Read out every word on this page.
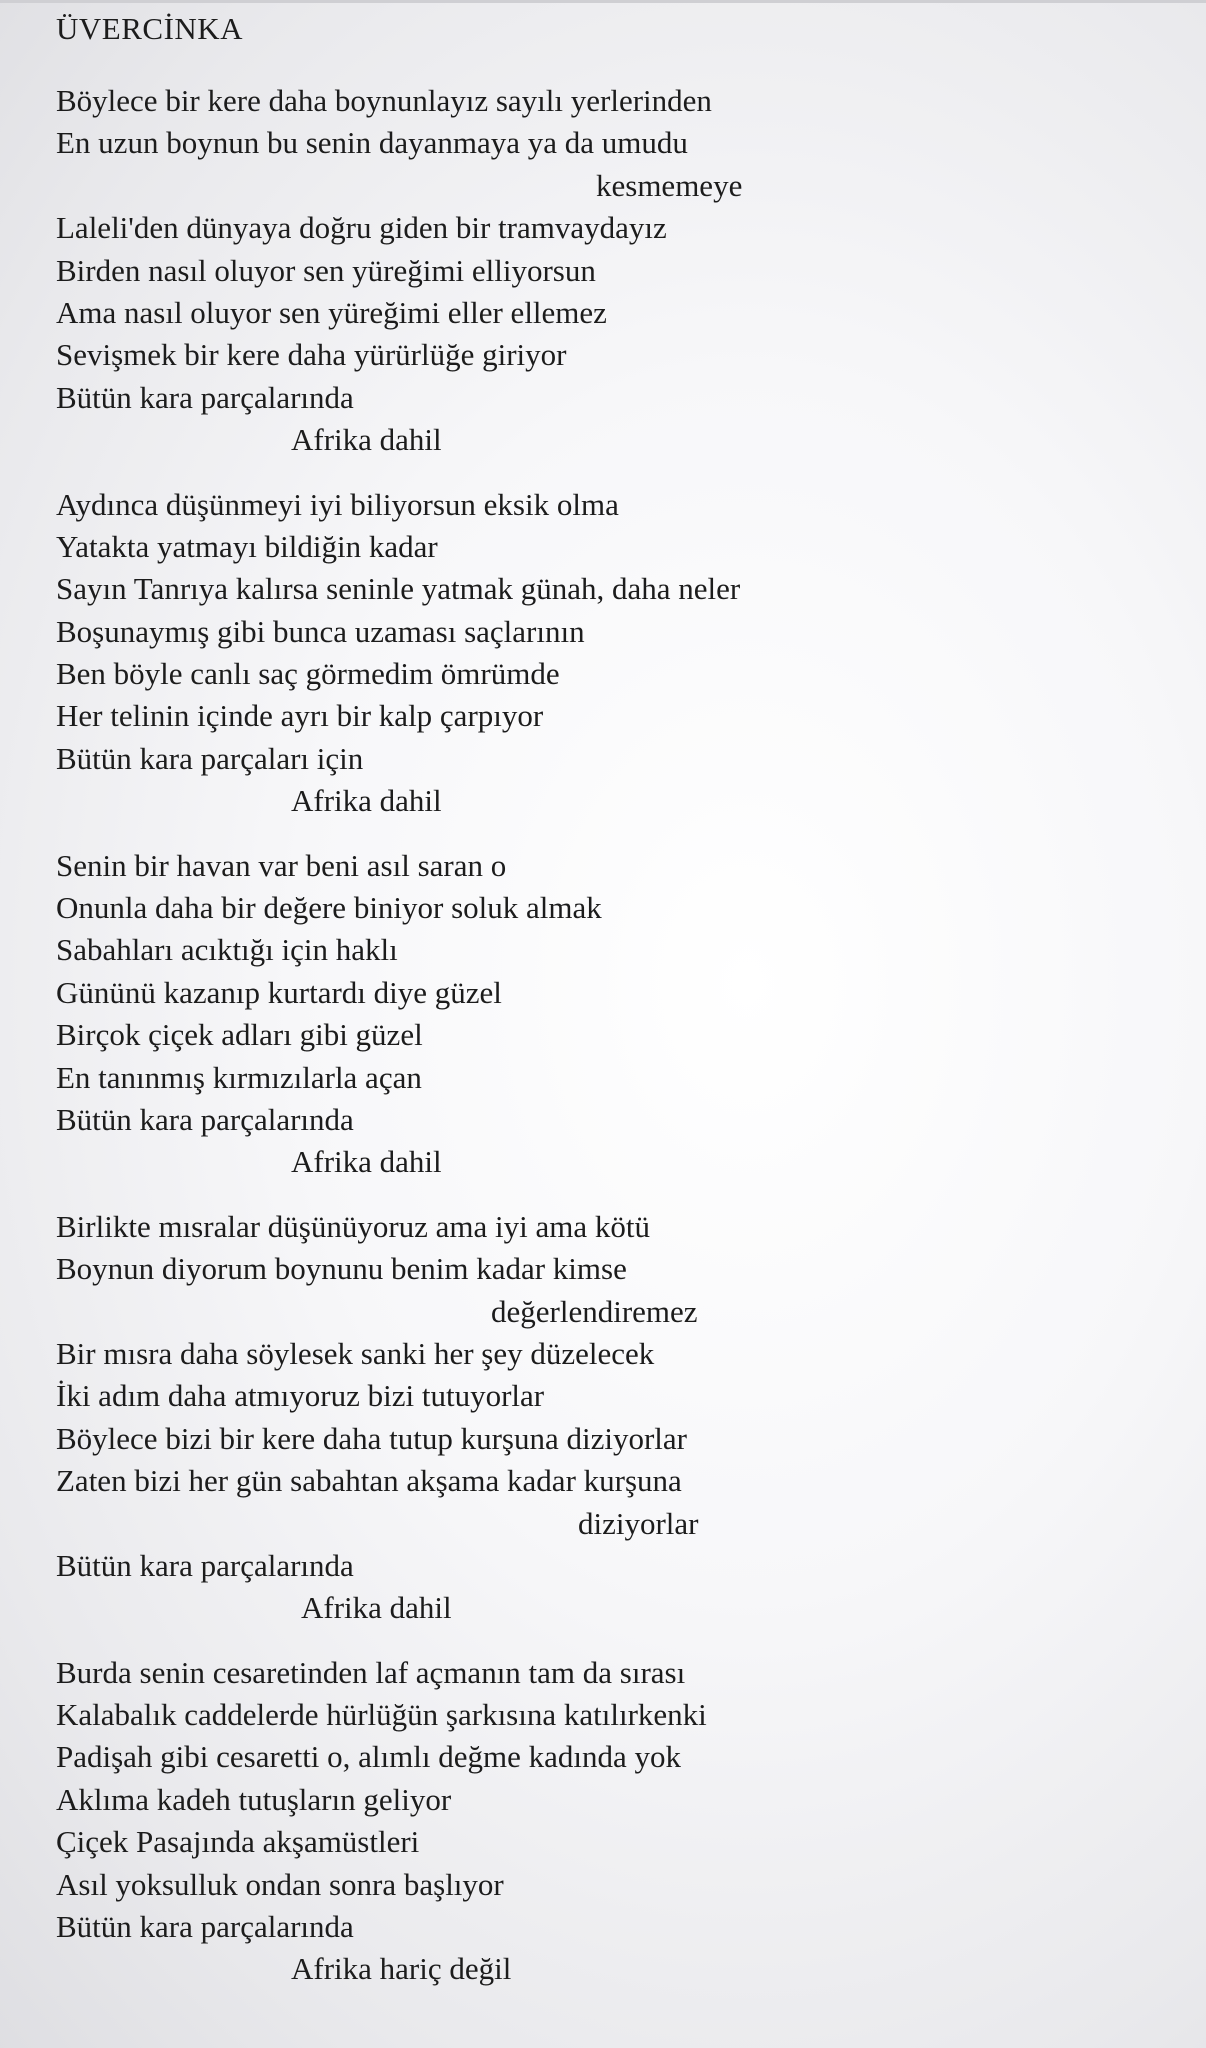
ÜVERCİNKA
Böylece bir kere daha boynunlayız sayılı yerlerinden
En uzun boynun bu senin dayanmaya ya da umudu
kesmemeye
Laleli'den dünyaya doğru giden bir tramvaydayız
Birden nasıl oluyor sen yüreğimi elliyorsun
Ama nasıl oluyor sen yüreğimi eller ellemez
Sevişmek bir kere daha yürürlüğe giriyor
Bütün kara parçalarında
Afrika dahil
Aydınca düşünmeyi iyi biliyorsun eksik olma
Yatakta yatmayı bildiğin kadar
Sayın Tanrıya kalırsa seninle yatmak günah, daha neler
Boşunaymış gibi bunca uzaması saçlarının
Ben böyle canlı saç görmedim ömrümde
Her telinin içinde ayrı bir kalp çarpıyor
Bütün kara parçaları için
Afrika dahil
Senin bir havan var beni asıl saran o
Onunla daha bir değere biniyor soluk almak
Sabahları acıktığı için haklı
Gününü kazanıp kurtardı diye güzel
Birçok çiçek adları gibi güzel
En tanınmış kırmızılarla açan
Bütün kara parçalarında
Afrika dahil
Birlikte mısralar düşünüyoruz ama iyi ama kötü
Boynun diyorum boynunu benim kadar kimse
değerlendiremez
Bir mısra daha söylesek sanki her şey düzelecek
İki adım daha atmıyoruz bizi tutuyorlar
Böylece bizi bir kere daha tutup kurşuna diziyorlar
Zaten bizi her gün sabahtan akşama kadar kurşuna
diziyorlar
Bütün kara parçalarında
Afrika dahil
Burda senin cesaretinden laf açmanın tam da sırası
Kalabalık caddelerde hürlüğün şarkısına katılırkenki
Padişah gibi cesaretti o, alımlı değme kadında yok
Aklıma kadeh tutuşların geliyor
Çiçek Pasajında akşamüstleri
Asıl yoksulluk ondan sonra başlıyor
Bütün kara parçalarında
Afrika hariç değil
